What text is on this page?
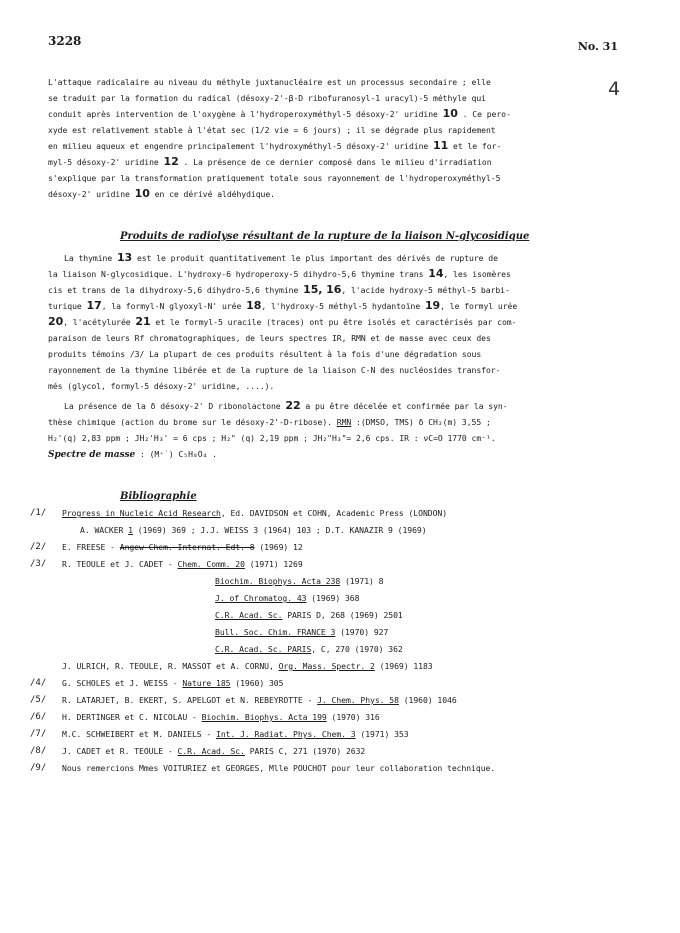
3228	No. 31
4
L'attaque radicalaire au niveau du méthyle juxtanucléaire est un processus secondaire ; elle
se traduit par la formation du radical (désoxy-2'-β-D ribofuranosyl-1 uracyl)-5 méthyle qui
conduit après intervention de l'oxygène à l'hydroperoxyméthyl-5 désoxy-2' uridine 10 . Ce pero-
xyde est relativement stable à l'état sec (1/2 vie = 6 jours) ; il se dégrade plus rapidement
en milieu aqueux et engendre principalement l'hydroxyméthyl-5 désoxy-2' uridine 11 et le for-
myl-5 désoxy-2' uridine 12 . La présence de ce dernier composé dans le milieu d'irradiation
s'explique par la transformation pratiquement totale sous rayonnement de l'hydroperoxyméthyl-5
désoxy-2' uridine 10 en ce dérivé aldéhydique.
Produits de radiolyse résultant de la rupture de la liaison N-glycosidique
La thymine 13 est le produit quantitativement le plus important des dérivés de rupture de
la liaison N-glycosidique. L'hydroxy-6 hydroperoxy-5 dihydro-5,6 thymine trans 14, les isomères
cis et trans de la dihydroxy-5,6 dihydro-5,6 thymine 15, 16, l'acide hydroxy-5 méthyl-5 barbi-
turique 17, la formyl-N glyoxyl-N' urée 18, l'hydroxy-5 méthyl-5 hydantoïne 19, le formyl urée
20, l'acétylurée 21 et le formyl-5 uracile (traces) ont pu être isolés et caractérisés par com-
paraison de leurs Rf chromatographiques, de leurs spectres IR, RMN et de masse avec ceux des
produits témoins /3/ La plupart de ces produits résultent à la fois d'une dégradation sous
rayonnement de la thymine libérée et de la rupture de la liaison C-N des nucléosides transfor-
més (glycol, formyl-5 désoxy-2' uridine, ....).
La présence de la δ désoxy-2' D ribonolactone 22 a pu être décelée et confirmée par la syn-
thèse chimique (action du brome sur le désoxy-2'-D-ribose). RMN :(DMSO, TMS) δ CH₂(m) 3,55 ;
H₂'(q) 2,83 ppm ; JH₂'H₃' = 6 cps ; H₂" (q) 2,19 ppm ; JH₂"H₃"= 2,6 cps. IR : νC=O 1770 cm⁻¹.
Spectre de masse : (M⁺˙) C₅H₈O₄ .
Bibliographie
/1/ Progress in Nucleic Acid Research, Ed. DAVIDSON et COHN, Academic Press (LONDON)
A. WACKER 1 (1969) 369 ; J.J. WEISS 3 (1964) 103 ; D.T. KANAZIR 9 (1969)
/2/ E. FREESE - Angew Chem. Internat. Edt. 8 (1969) 12
/3/ R. TEOULE et J. CADET - Chem. Comm. 20 (1971) 1269
Biochim. Biophys. Acta 238 (1971) 8
J. of Chromatog. 43 (1969) 368
C.R. Acad. Sc. PARIS D, 268 (1969) 2501
Bull. Soc. Chim. FRANCE 3 (1970) 927
C.R. Acad. Sc. PARIS, C, 270 (1970) 362
J. ULRICH, R. TEOULE, R. MASSOT et A. CORNU, Org. Mass. Spectr. 2 (1969) 1183
/4/ G. SCHOLES et J. WEISS - Nature 185 (1960) 305
/5/ R. LATARJET, B. EKERT, S. APELGOT et N. REBEYROTTE - J. Chem. Phys. 58 (1960) 1046
/6/ H. DERTINGER et C. NICOLAU - Biochim. Biophys. Acta 199 (1970) 316
/7/ M.C. SCHWEIBERT et M. DANIELS - Int. J. Radiat. Phys. Chem. 3 (1971) 353
/8/ J. CADET et R. TEOULE - C.R. Acad. Sc. PARIS C, 271 (1970) 2632
/9/ Nous remercions Mmes VOITURIEZ et GEORGES, Mlle POUCHOT pour leur collaboration technique.
